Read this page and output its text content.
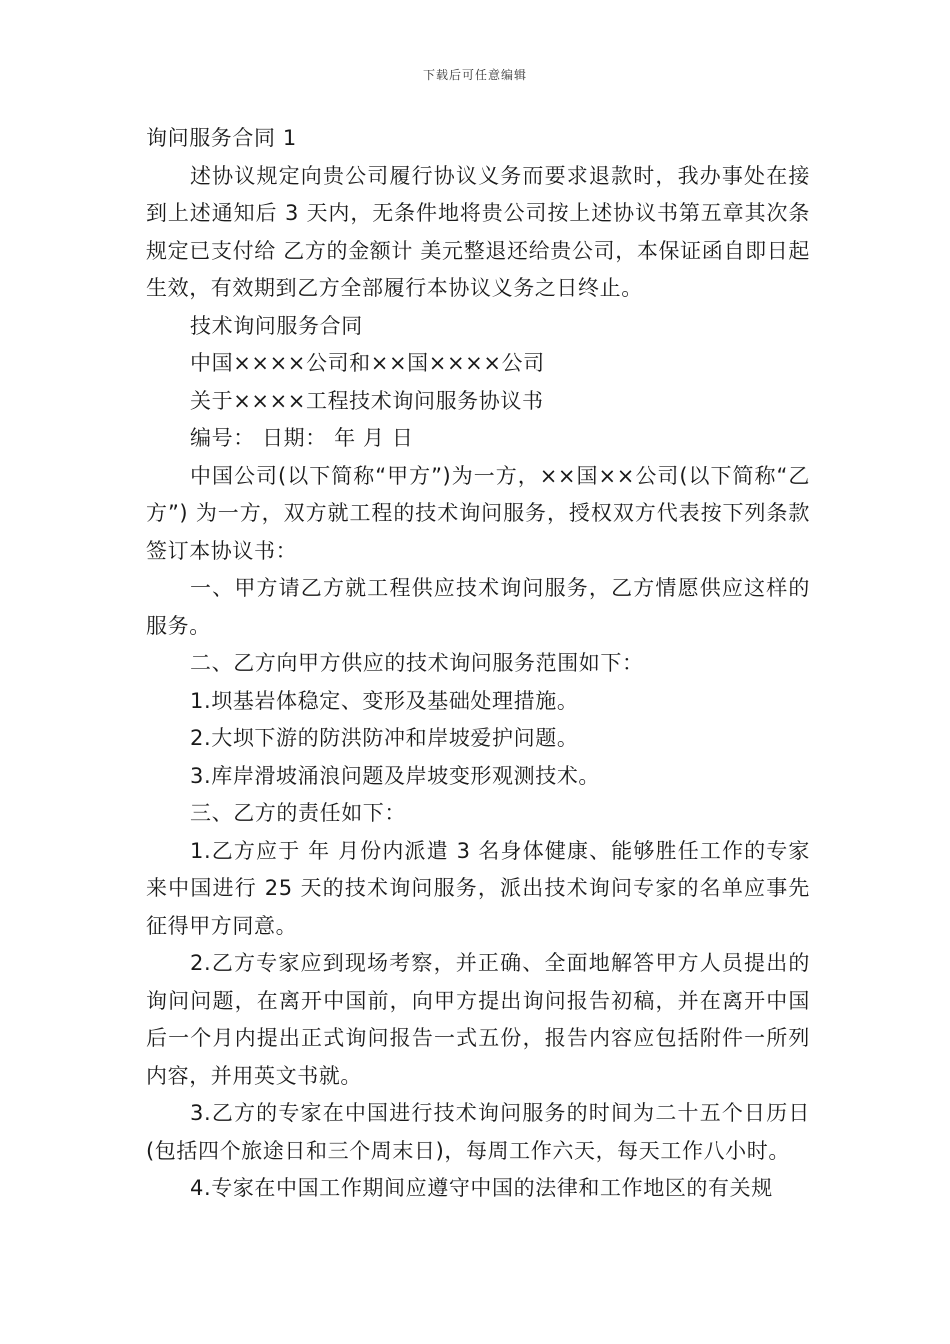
下载后可任意编辑

询问服务合同 1

述协议规定向贵公司履行协议义务而要求退款时，我办事处在接到上述通知后 3 天内，无条件地将贵公司按上述协议书第五章其次条规定已支付给 乙方的金额计 美元整退还给贵公司，本保证函自即日起生效，有效期到乙方全部履行本协议义务之日终止。

技术询问服务合同

中国××××公司和××国××××公司

关于××××工程技术询问服务协议书

编号： 日期： 年 月 日

中国公司(以下简称“甲方”)为一方，××国××公司(以下简称“乙方”) 为一方，双方就工程的技术询问服务，授权双方代表按下列条款签订本协议书：

一、甲方请乙方就工程供应技术询问服务，乙方情愿供应这样的服务。

二、乙方向甲方供应的技术询问服务范围如下：

1.坝基岩体稳定、变形及基础处理措施。

2.大坝下游的防洪防冲和岸坡爱护问题。

3.库岸滑坡涌浪问题及岸坡变形观测技术。

三、乙方的责任如下：

1.乙方应于 年 月份内派遣 3 名身体健康、能够胜任工作的专家来中国进行 25 天的技术询问服务，派出技术询问专家的名单应事先征得甲方同意。

2.乙方专家应到现场考察，并正确、全面地解答甲方人员提出的询问问题，在离开中国前，向甲方提出询问报告初稿，并在离开中国后一个月内提出正式询问报告一式五份，报告内容应包括附件一所列内容，并用英文书就。

3.乙方的专家在中国进行技术询问服务的时间为二十五个日历日(包括四个旅途日和三个周末日)，每周工作六天，每天工作八小时。

4.专家在中国工作期间应遵守中国的法律和工作地区的有关规
